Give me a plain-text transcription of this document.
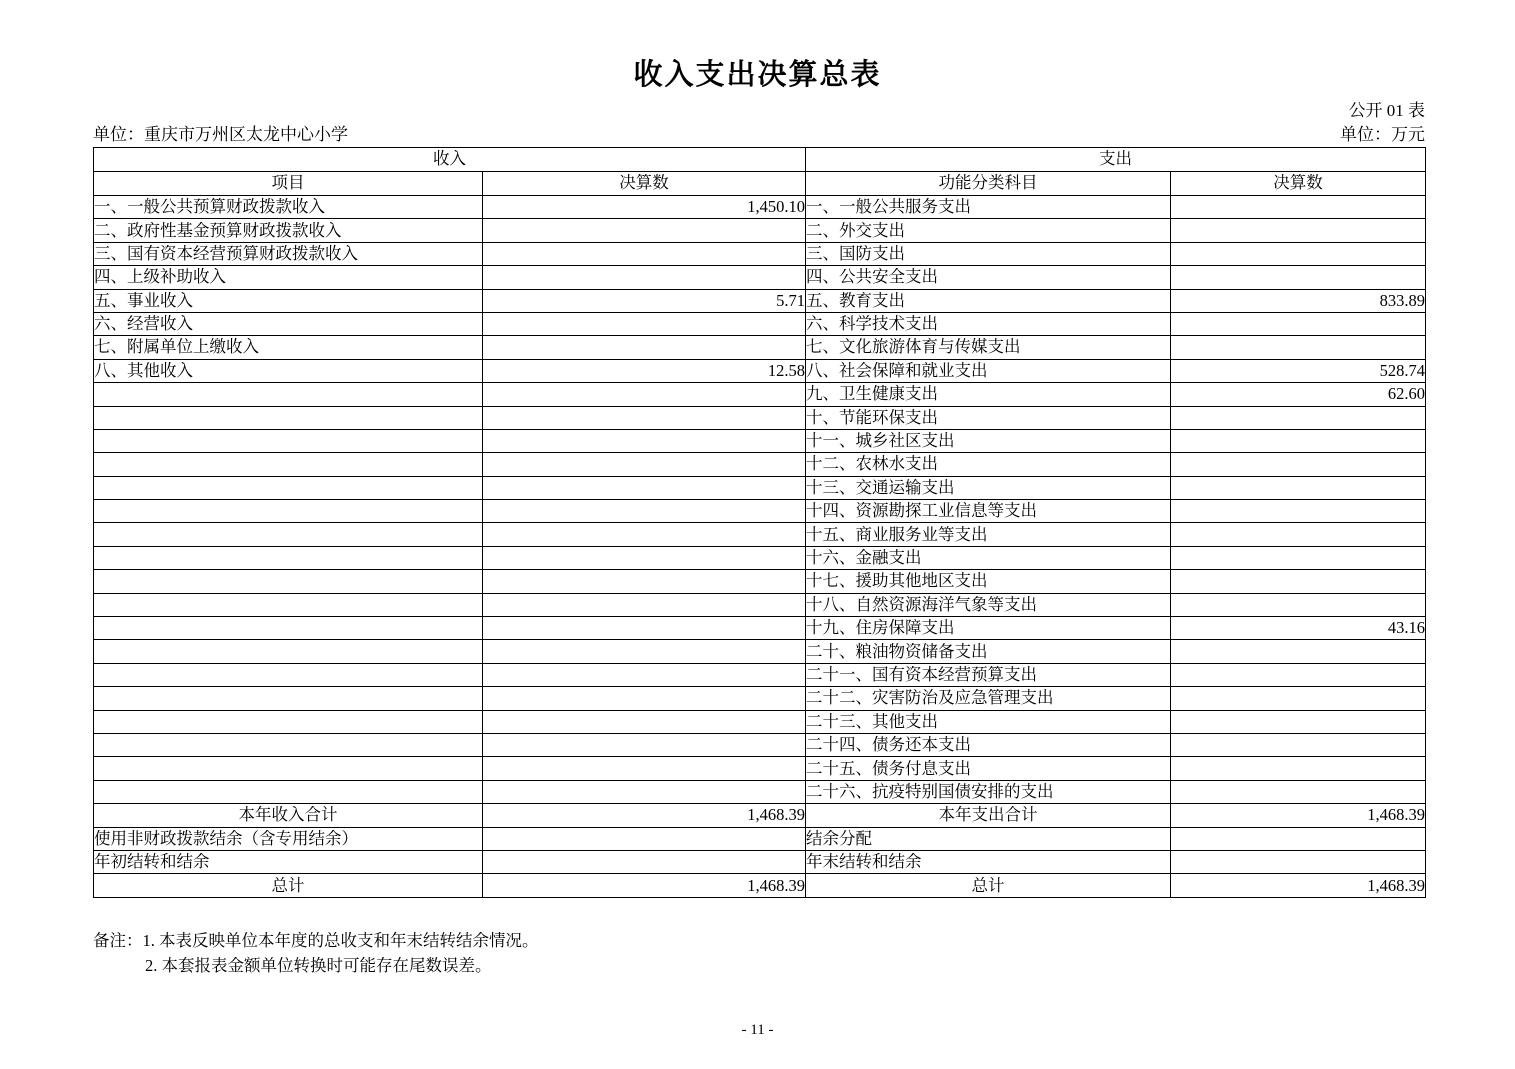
收入支出决算总表
公开 01 表
单位：重庆市万州区太龙中心小学	单位：万元
收入		支出	
项目	决算数	功能分类科目	决算数
一、一般公共预算财政拨款收入	1,450.10	一、一般公共服务支出	
二、政府性基金预算财政拨款收入		二、外交支出	
三、国有资本经营预算财政拨款收入		三、国防支出	
四、上级补助收入		四、公共安全支出	
五、事业收入	5.71	五、教育支出	833.89
六、经营收入		六、科学技术支出	
七、附属单位上缴收入		七、文化旅游体育与传媒支出	
八、其他收入	12.58	八、社会保障和就业支出	528.74
		九、卫生健康支出	62.60
		十、节能环保支出	
		十一、城乡社区支出	
		十二、农林水支出	
		十三、交通运输支出	
		十四、资源勘探工业信息等支出	
		十五、商业服务业等支出	
		十六、金融支出	
		十七、援助其他地区支出	
		十八、自然资源海洋气象等支出	
		十九、住房保障支出	43.16
		二十、粮油物资储备支出	
		二十一、国有资本经营预算支出	
		二十二、灾害防治及应急管理支出	
		二十三、其他支出	
		二十四、债务还本支出	
		二十五、债务付息支出	
		二十六、抗疫特别国债安排的支出	
本年收入合计	1,468.39	本年支出合计	1,468.39
使用非财政拨款结余（含专用结余）		结余分配	
年初结转和结余		年末结转和结余	
总计	1,468.39	总计	1,468.39
备注：1. 本表反映单位本年度的总收支和年末结转结余情况。
2. 本套报表金额单位转换时可能存在尾数误差。
- 11 -
